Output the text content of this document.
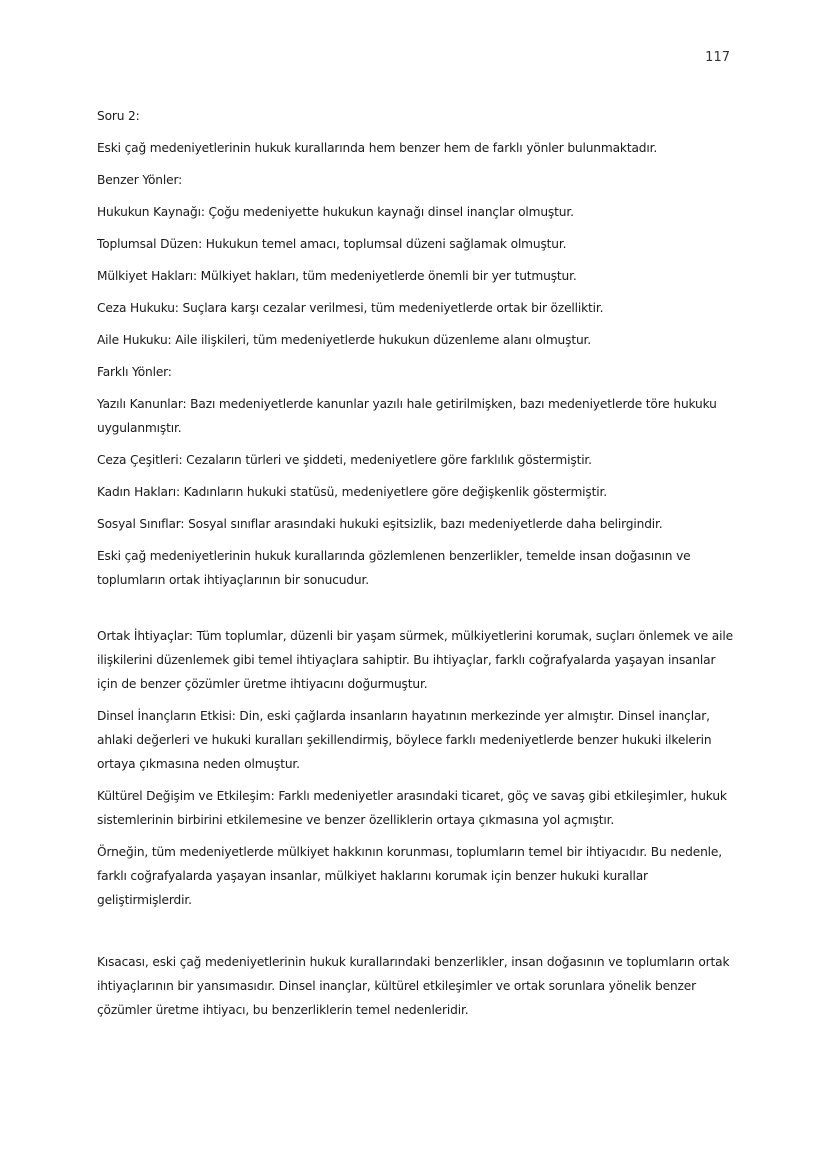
117

Soru 2:

Eski çağ medeniyetlerinin hukuk kurallarında hem benzer hem de farklı yönler bulunmaktadır.

Benzer Yönler:

Hukukun Kaynağı: Çoğu medeniyette hukukun kaynağı dinsel inançlar olmuştur.

Toplumsal Düzen: Hukukun temel amacı, toplumsal düzeni sağlamak olmuştur.

Mülkiyet Hakları: Mülkiyet hakları, tüm medeniyetlerde önemli bir yer tutmuştur.

Ceza Hukuku: Suçlara karşı cezalar verilmesi, tüm medeniyetlerde ortak bir özelliktir.

Aile Hukuku: Aile ilişkileri, tüm medeniyetlerde hukukun düzenleme alanı olmuştur.

Farklı Yönler:

Yazılı Kanunlar: Bazı medeniyetlerde kanunlar yazılı hale getirilmişken, bazı medeniyetlerde töre hukuku uygulanmıştır.

Ceza Çeşitleri: Cezaların türleri ve şiddeti, medeniyetlere göre farklılık göstermiştir.

Kadın Hakları: Kadınların hukuki statüsü, medeniyetlere göre değişkenlik göstermiştir.

Sosyal Sınıflar: Sosyal sınıflar arasındaki hukuki eşitsizlik, bazı medeniyetlerde daha belirgindir.

Eski çağ medeniyetlerinin hukuk kurallarında gözlemlenen benzerlikler, temelde insan doğasının ve toplumların ortak ihtiyaçlarının bir sonucudur.

Ortak İhtiyaçlar: Tüm toplumlar, düzenli bir yaşam sürmek, mülkiyetlerini korumak, suçları önlemek ve aile ilişkilerini düzenlemek gibi temel ihtiyaçlara sahiptir. Bu ihtiyaçlar, farklı coğrafyalarda yaşayan insanlar için de benzer çözümler üretme ihtiyacını doğurmuştur.

Dinsel İnançların Etkisi: Din, eski çağlarda insanların hayatının merkezinde yer almıştır. Dinsel inançlar, ahlaki değerleri ve hukuki kuralları şekillendirmiş, böylece farklı medeniyetlerde benzer hukuki ilkelerin ortaya çıkmasına neden olmuştur.

Kültürel Değişim ve Etkileşim: Farklı medeniyetler arasındaki ticaret, göç ve savaş gibi etkileşimler, hukuk sistemlerinin birbirini etkilemesine ve benzer özelliklerin ortaya çıkmasına yol açmıştır.

Örneğin, tüm medeniyetlerde mülkiyet hakkının korunması, toplumların temel bir ihtiyacıdır. Bu nedenle, farklı coğrafyalarda yaşayan insanlar, mülkiyet haklarını korumak için benzer hukuki kurallar geliştirmişlerdir.

Kısacası, eski çağ medeniyetlerinin hukuk kurallarındaki benzerlikler, insan doğasının ve toplumların ortak ihtiyaçlarının bir yansımasıdır. Dinsel inançlar, kültürel etkileşimler ve ortak sorunlara yönelik benzer çözümler üretme ihtiyacı, bu benzerliklerin temel nedenleridir.
